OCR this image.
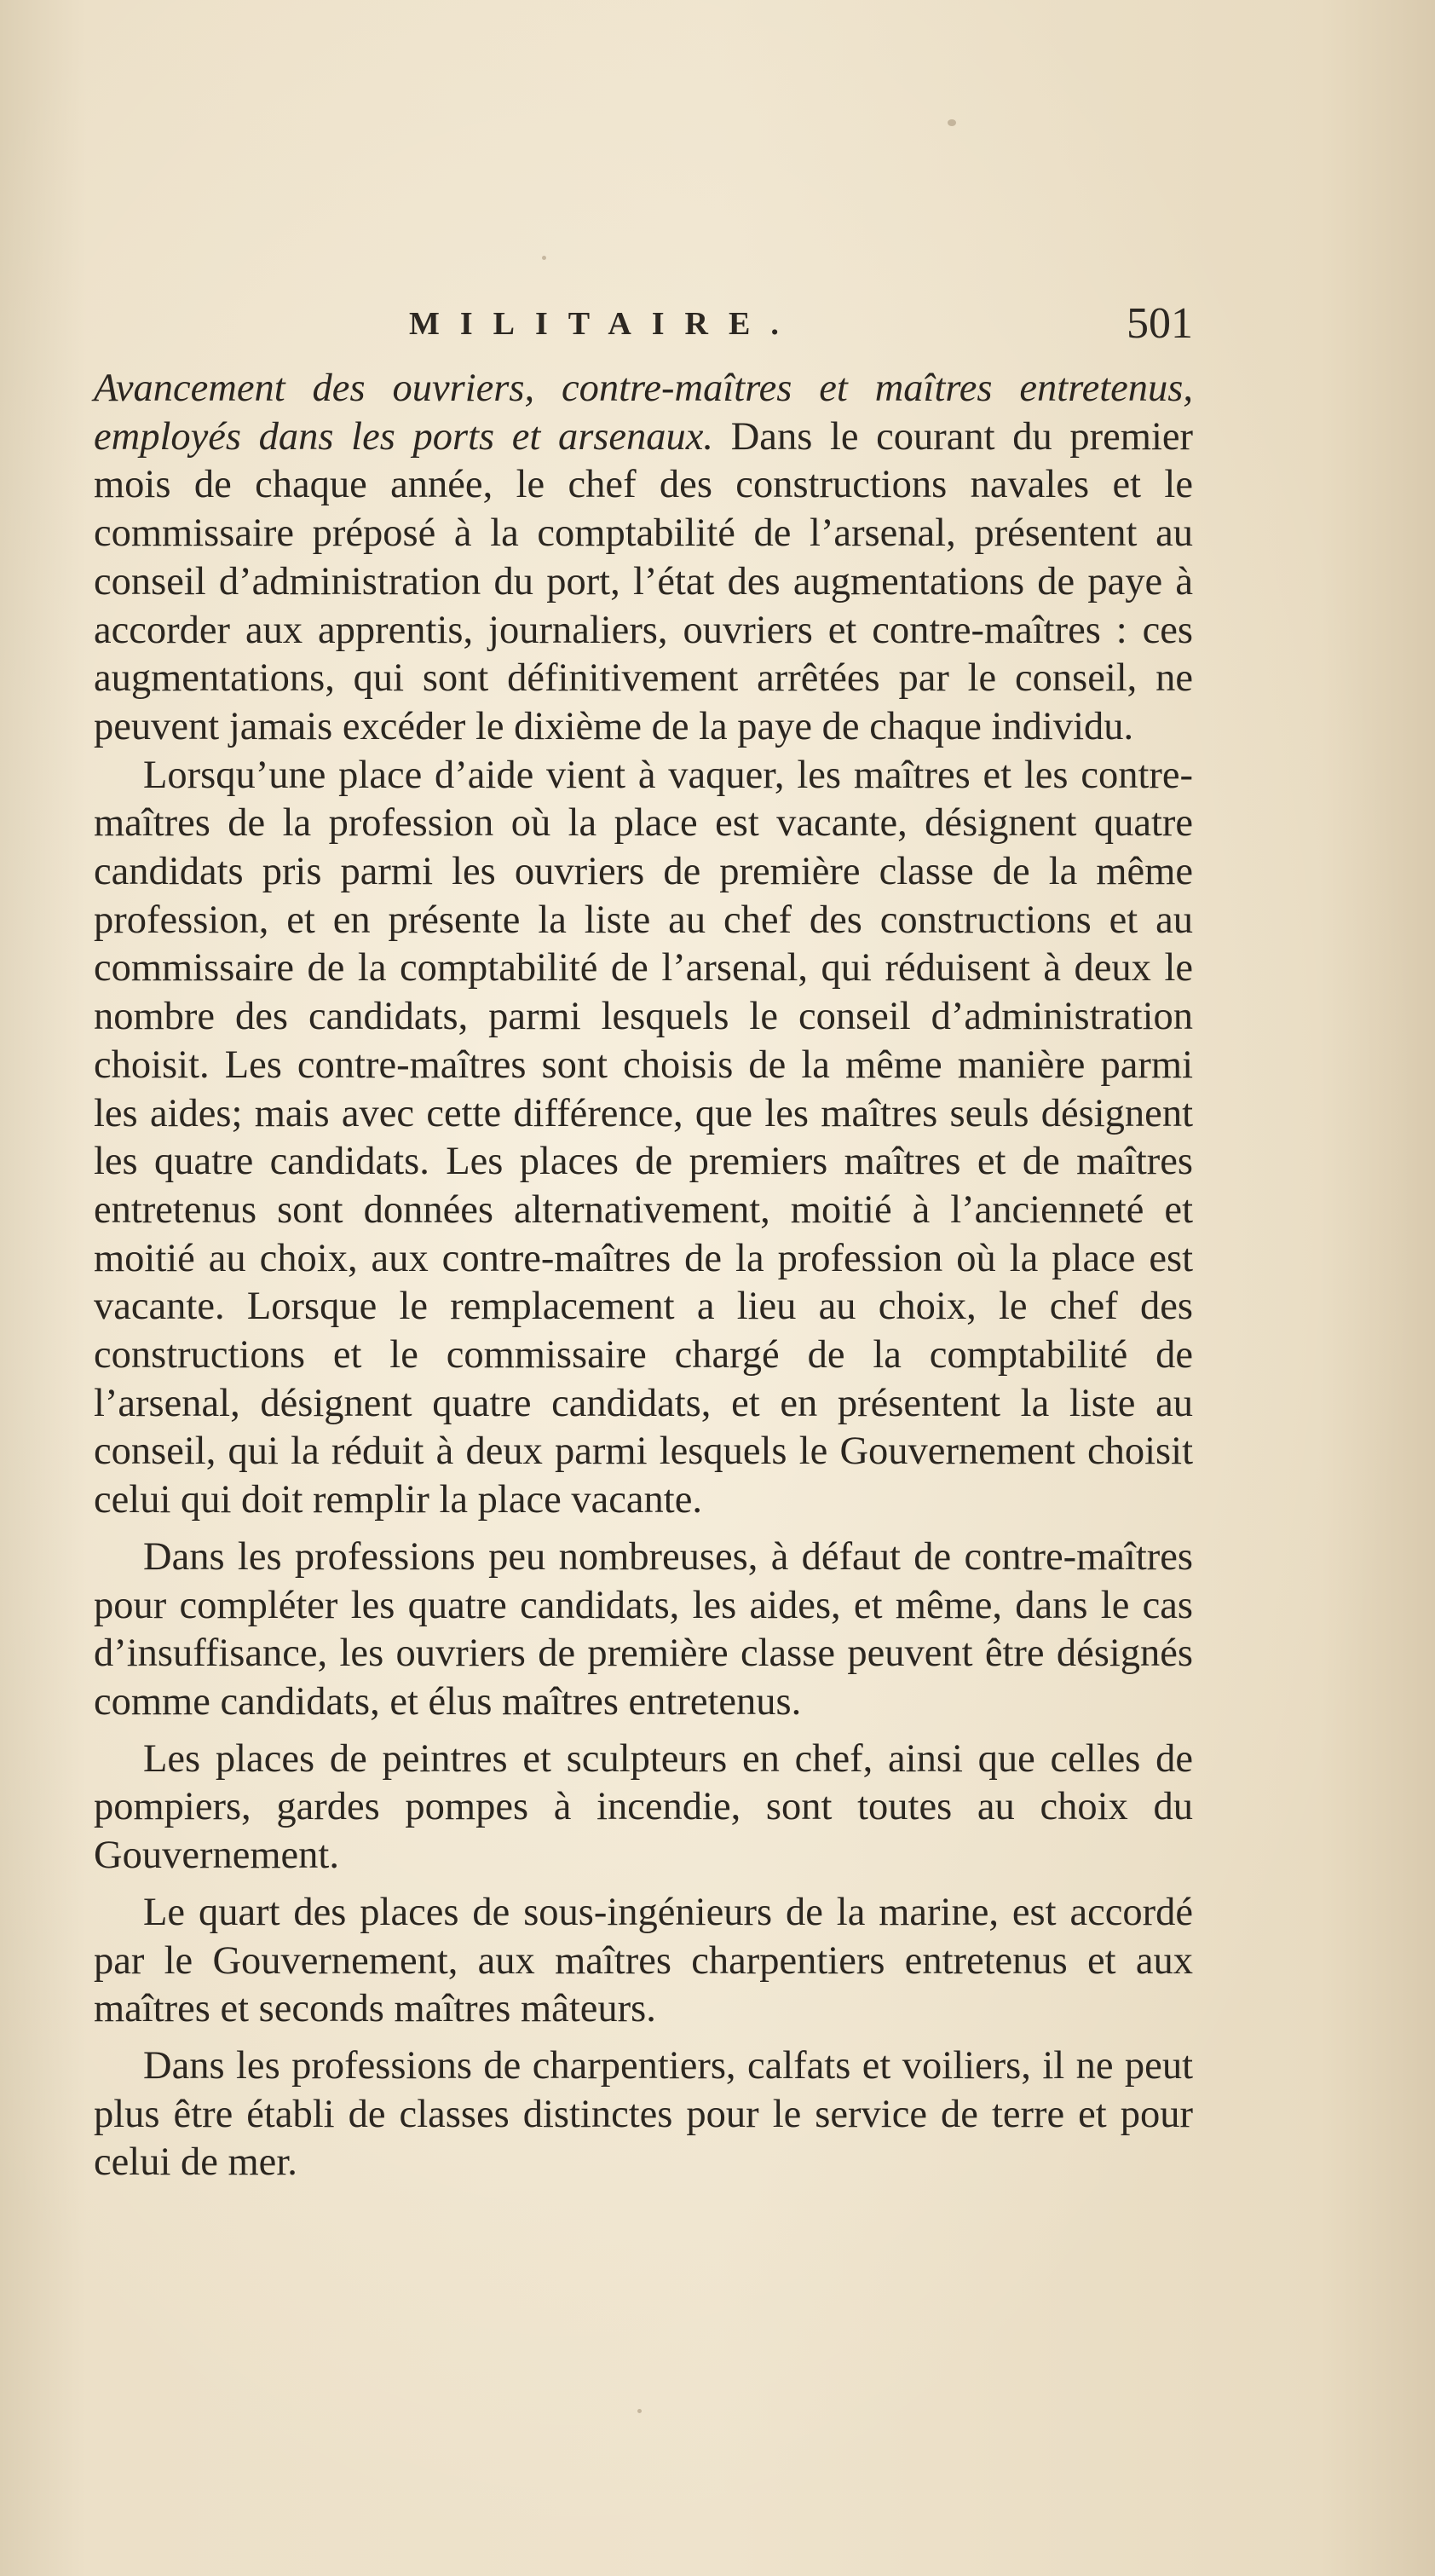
MILITAIRE.	501

Avancement des ouvriers, contre-maîtres et maîtres entretenus, employés dans les ports et arsenaux. Dans le courant du premier mois de chaque année, le chef des constructions navales et le commissaire préposé à la comptabilité de l’arsenal, présentent au conseil d’administration du port, l’état des augmentations de paye à accorder aux apprentis, journaliers, ouvriers et contre-maîtres : ces augmentations, qui sont définitivement arrêtées par le conseil, ne peuvent jamais excéder le dixième de la paye de chaque individu.

Lorsqu’une place d’aide vient à vaquer, les maîtres et les contre-maîtres de la profession où la place est vacante, désignent quatre candidats pris parmi les ouvriers de première classe de la même profession, et en présente la liste au chef des constructions et au commissaire de la comptabilité de l’arsenal, qui réduisent à deux le nombre des candidats, parmi lesquels le conseil d’administration choisit. Les contre-maîtres sont choisis de la même manière parmi les aides; mais avec cette différence, que les maîtres seuls désignent les quatre candidats. Les places de premiers maîtres et de maîtres entretenus sont données alternativement, moitié à l’ancienneté et moitié au choix, aux contre-maîtres de la profession où la place est vacante. Lorsque le remplacement a lieu au choix, le chef des constructions et le commissaire chargé de la comptabilité de l’arsenal, désignent quatre candidats, et en présentent la liste au conseil, qui la réduit à deux parmi lesquels le Gouvernement choisit celui qui doit remplir la place vacante.

Dans les professions peu nombreuses, à défaut de contre-maîtres pour compléter les quatre candidats, les aides, et même, dans le cas d’insuffisance, les ouvriers de première classe peuvent être désignés comme candidats, et élus maîtres entretenus.

Les places de peintres et sculpteurs en chef, ainsi que celles de pompiers, gardes pompes à incendie, sont toutes au choix du Gouvernement.

Le quart des places de sous-ingénieurs de la marine, est accordé par le Gouvernement, aux maîtres charpentiers entretenus et aux maîtres et seconds maîtres mâteurs.

Dans les professions de charpentiers, calfats et voiliers, il ne peut plus être établi de classes distinctes pour le service de terre et pour celui de mer.
